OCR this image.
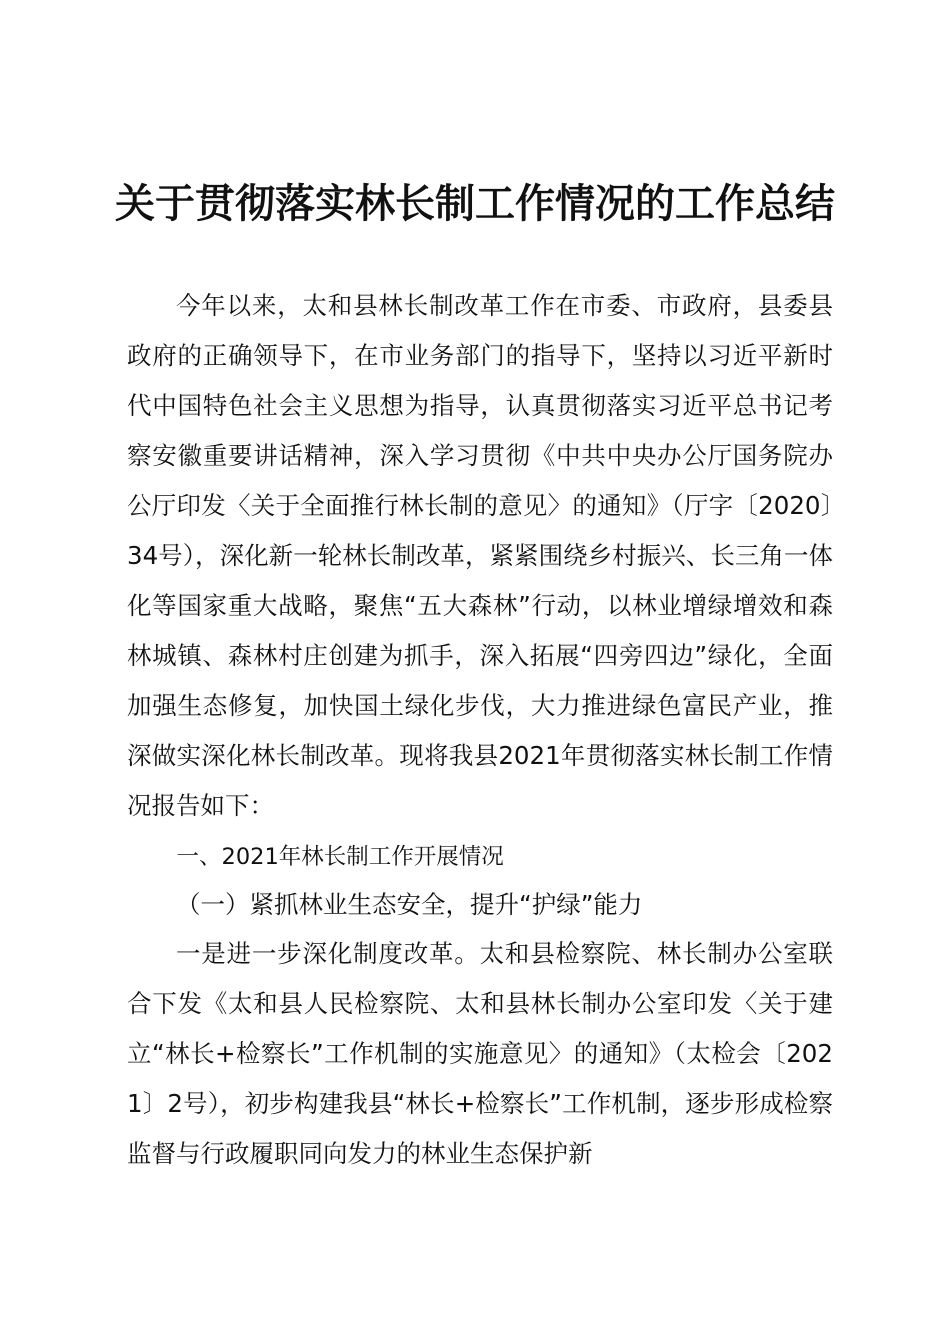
关于贯彻落实林长制工作情况的工作总结

今年以来，太和县林长制改革工作在市委、市政府，县委县政府的正确领导下，在市业务部门的指导下，坚持以习近平新时代中国特色社会主义思想为指导，认真贯彻落实习近平总书记考察安徽重要讲话精神，深入学习贯彻《中共中央办公厅国务院办公厅印发〈关于全面推行林长制的意见〉的通知》（厅字〔2020〕34号），深化新一轮林长制改革，紧紧围绕乡村振兴、长三角一体化等国家重大战略，聚焦“五大森林”行动，以林业增绿增效和森林城镇、森林村庄创建为抓手，深入拓展“四旁四边”绿化，全面加强生态修复，加快国土绿化步伐，大力推进绿色富民产业，推深做实深化林长制改革。现将我县2021年贯彻落实林长制工作情况报告如下：

一、2021年林长制工作开展情况

（一）紧抓林业生态安全，提升“护绿”能力

一是进一步深化制度改革。太和县检察院、林长制办公室联合下发《太和县人民检察院、太和县林长制办公室印发〈关于建立“林长+检察长”工作机制的实施意见〉的通知》（太检会〔2021〕2号），初步构建我县“林长+检察长”工作机制，逐步形成检察监督与行政履职同向发力的林业生态保护新
